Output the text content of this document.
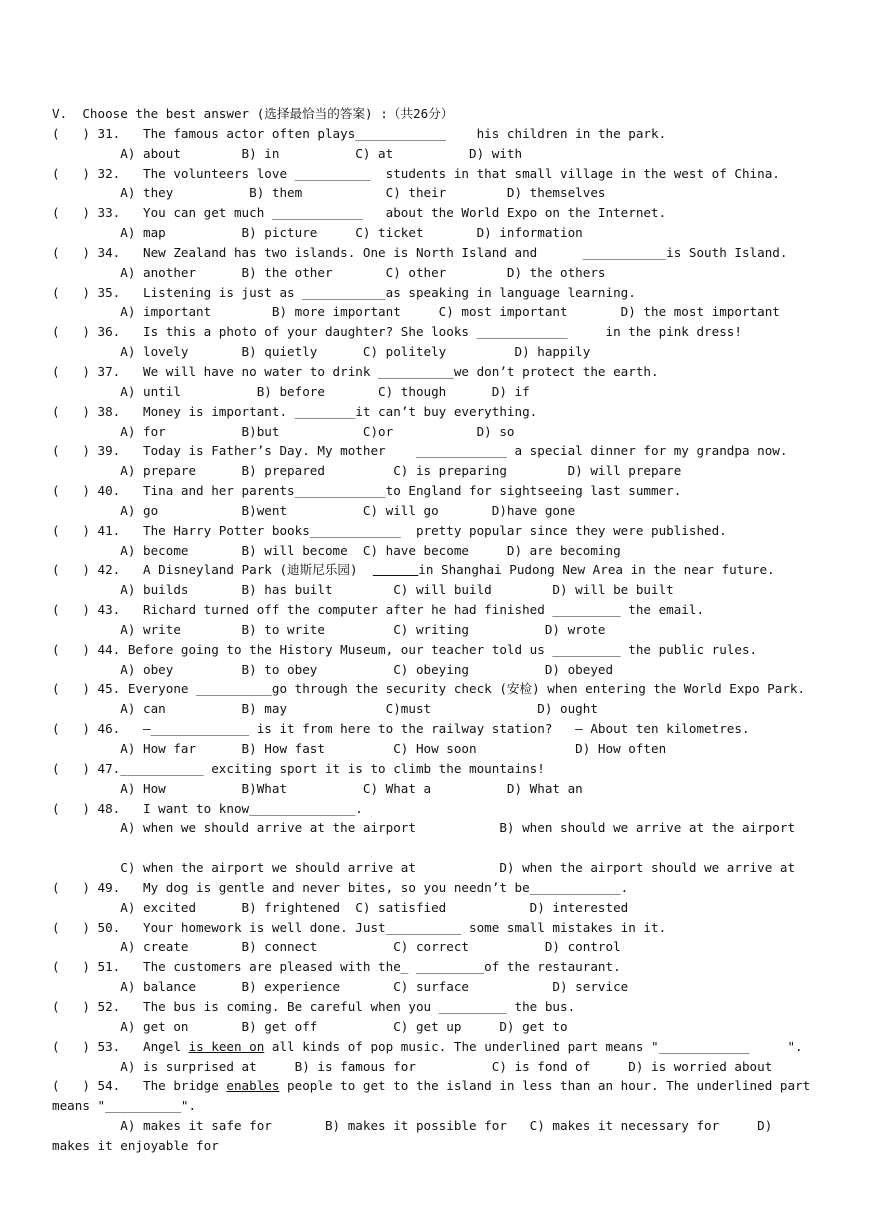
V.  Choose the best answer (选择最恰当的答案) :（共26分）
(   ) 31.   The famous actor often plays____________    his children in the park.
A) about        B) in          C) at          D) with
(   ) 32.   The volunteers love __________  students in that small village in the west of China.
A) they          B) them           C) their        D) themselves
(   ) 33.   You can get much ____________   about the World Expo on the Internet.
A) map          B) picture     C) ticket       D) information
(   ) 34.   New Zealand has two islands. One is North Island and      ___________is South Island.
A) another      B) the other       C) other        D) the others
(   ) 35.   Listening is just as ___________as speaking in language learning.
A) important        B) more important     C) most important       D) the most important
(   ) 36.   Is this a photo of your daughter? She looks ____________     in the pink dress!
A) lovely       B) quietly      C) politely         D) happily
(   ) 37.   We will have no water to drink __________we don’t protect the earth.
A) until          B) before       C) though      D) if
(   ) 38.   Money is important. ________it can’t buy everything.
A) for          B)but           C)or           D) so
(   ) 39.   Today is Father’s Day. My mother    ____________ a special dinner for my grandpa now.
A) prepare      B) prepared         C) is preparing        D) will prepare
(   ) 40.   Tina and her parents____________to England for sightseeing last summer.
A) go           B)went          C) will go       D)have gone
(   ) 41.   The Harry Potter books____________  pretty popular since they were published.
A) become       B) will become  C) have become     D) are becoming
(   ) 42.   A Disneyland Park (迪斯尼乐园)	in Shanghai Pudong New Area in the near future.
A) builds       B) has built        C) will build        D) will be built
(   ) 43.   Richard turned off the computer after he had finished _________ the email.
A) write        B) to write         C) writing          D) wrote
(   ) 44. Before going to the History Museum, our teacher told us _________ the public rules.
A) obey         B) to obey          C) obeying          D) obeyed
(   ) 45. Everyone __________go through the security check (安检) when entering the World Expo Park.
A) can          B) may             C)must              D) ought
(   ) 46.   —_____________ is it from here to the railway station?   — About ten kilometres.
A) How far      B) How fast         C) How soon             D) How often
(   ) 47.___________ exciting sport it is to climb the mountains!
A) How          B)What          C) What a          D) What an
(   ) 48.   I want to know______________.
A) when we should arrive at the airport           B) when should we arrive at the airport

C) when the airport we should arrive at           D) when the airport should we arrive at
(   ) 49.   My dog is gentle and never bites, so you needn’t be____________.
A) excited      B) frightened  C) satisfied           D) interested
(   ) 50.   Your homework is well done. Just__________ some small mistakes in it.
A) create       B) connect          C) correct          D) control
(   ) 51.   The customers are pleased with the_ _________of the restaurant.
A) balance      B) experience       C) surface           D) service
(   ) 52.   The bus is coming. Be careful when you _________ the bus.
A) get on       B) get off          C) get up     D) get to
(   ) 53.   Angel is keen on all kinds of pop music. The underlined part means "____________     ".
A) is surprised at     B) is famous for          C) is fond of     D) is worried about
(   ) 54.   The bridge enables people to get to the island in less than an hour. The underlined part
means "__________".
A) makes it safe for       B) makes it possible for   C) makes it necessary for     D)
makes it enjoyable for
